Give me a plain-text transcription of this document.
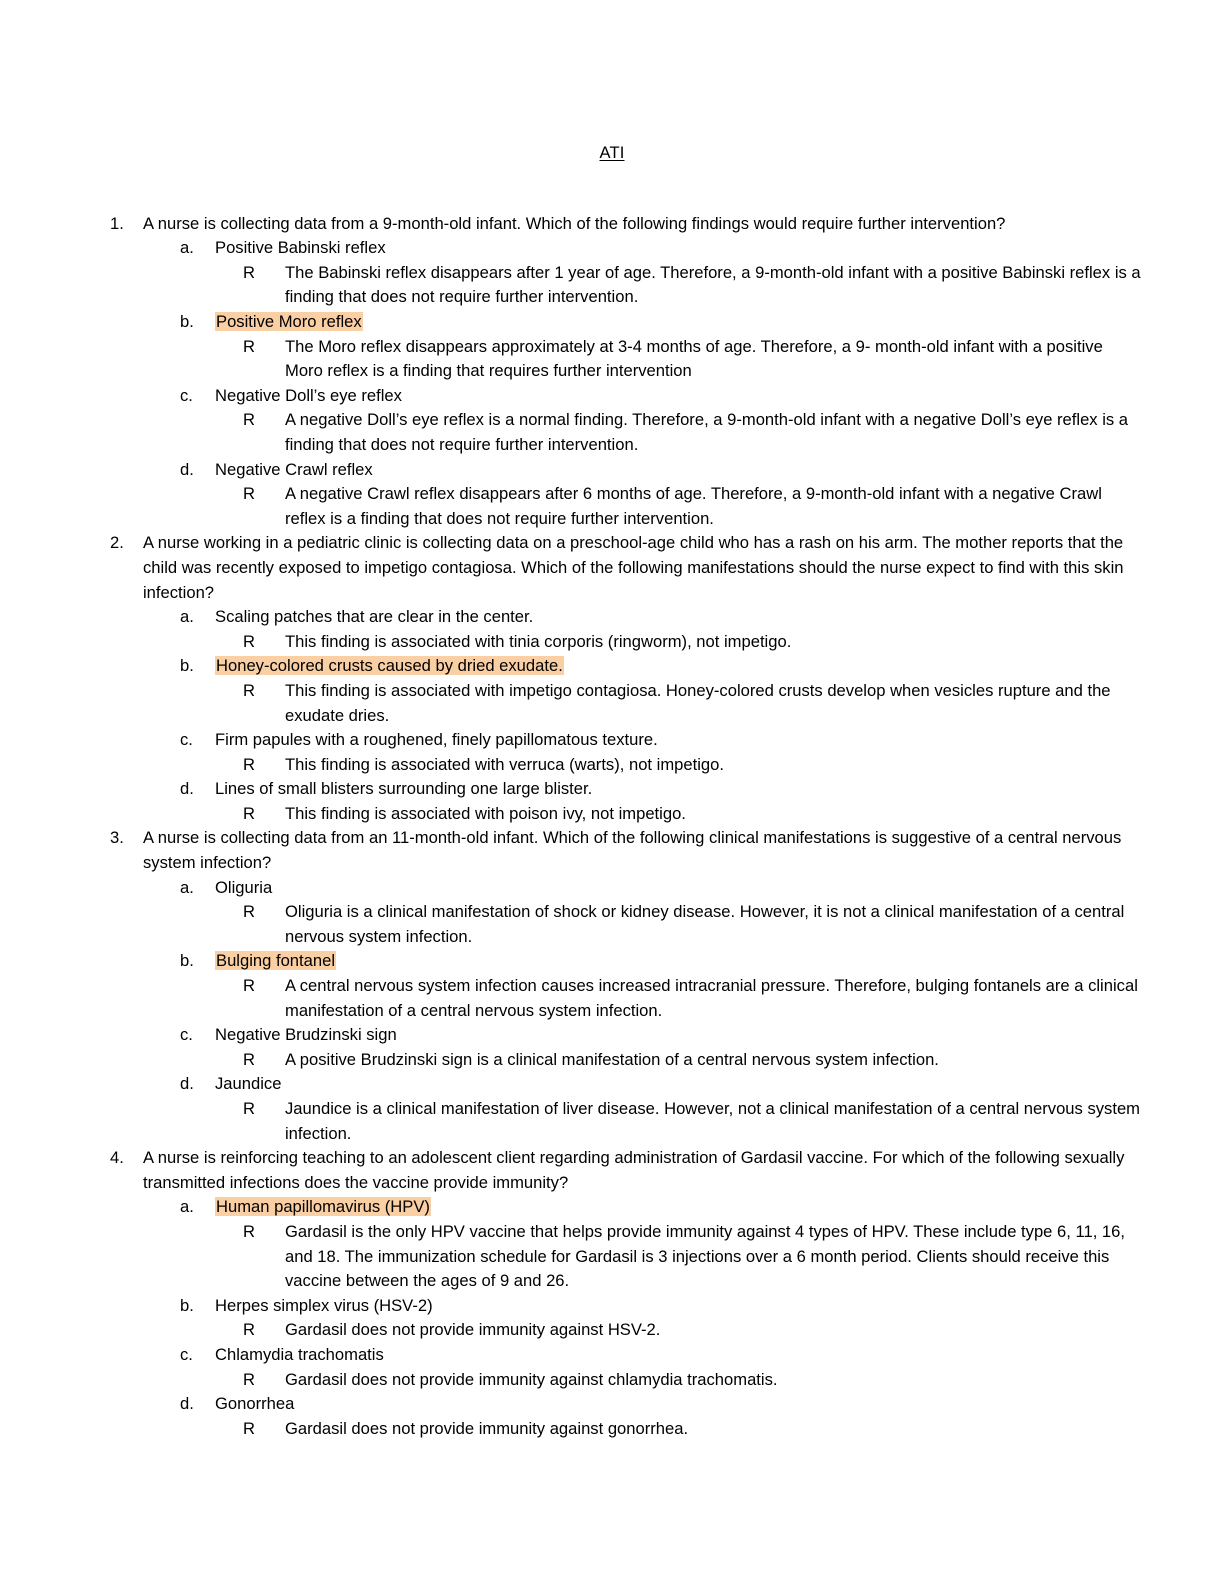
ATI
1.	A nurse is collecting data from a 9-month-old infant. Which of the following findings would require further intervention?
a.	Positive Babinski reflex
R	The Babinski reflex disappears after 1 year of age. Therefore, a 9-month-old infant with a positive Babinski reflex is a finding that does not require further intervention.
b.	Positive Moro reflex
R	The Moro reflex disappears approximately at 3-4 months of age. Therefore, a 9- month-old infant with a positive Moro reflex is a finding that requires further intervention
c.	Negative Doll’s eye reflex
R	A negative Doll’s eye reflex is a normal finding. Therefore, a 9-month-old infant with a negative Doll’s eye reflex is a finding that does not require further intervention.
d.	Negative Crawl reflex
R	A negative Crawl reflex disappears after 6 months of age. Therefore, a 9-month-old infant with a negative Crawl reflex is a finding that does not require further intervention.
2.	A nurse working in a pediatric clinic is collecting data on a preschool-age child who has a rash on his arm. The mother reports that the child was recently exposed to impetigo contagiosa. Which of the following manifestations should the nurse expect to find with this skin infection?
a.	Scaling patches that are clear in the center.
R	This finding is associated with tinia corporis (ringworm), not impetigo.
b.	Honey-colored crusts caused by dried exudate.
R	This finding is associated with impetigo contagiosa. Honey-colored crusts develop when vesicles rupture and the exudate dries.
c.	Firm papules with a roughened, finely papillomatous texture.
R	This finding is associated with verruca (warts), not impetigo.
d.	Lines of small blisters surrounding one large blister.
R	This finding is associated with poison ivy, not impetigo.
3.	A nurse is collecting data from an 11-month-old infant. Which of the following clinical manifestations is suggestive of a central nervous system infection?
a.	Oliguria
R	Oliguria is a clinical manifestation of shock or kidney disease. However, it is not a clinical manifestation of a central nervous system infection.
b.	Bulging fontanel
R	A central nervous system infection causes increased intracranial pressure. Therefore, bulging fontanels are a clinical manifestation of a central nervous system infection.
c.	Negative Brudzinski sign
R	A positive Brudzinski sign is a clinical manifestation of a central nervous system infection.
d.	Jaundice
R	Jaundice is a clinical manifestation of liver disease. However, not a clinical manifestation of a central nervous system infection.
4.	A nurse is reinforcing teaching to an adolescent client regarding administration of Gardasil vaccine. For which of the following sexually transmitted infections does the vaccine provide immunity?
a.	Human papillomavirus (HPV)
R	Gardasil is the only HPV vaccine that helps provide immunity against 4 types of HPV. These include type 6, 11, 16, and 18. The immunization schedule for Gardasil is 3 injections over a 6 month period. Clients should receive this vaccine between the ages of 9 and 26.
b.	Herpes simplex virus (HSV-2)
R	Gardasil does not provide immunity against HSV-2.
c.	Chlamydia trachomatis
R	Gardasil does not provide immunity against chlamydia trachomatis.
d.	Gonorrhea
R	Gardasil does not provide immunity against gonorrhea.
